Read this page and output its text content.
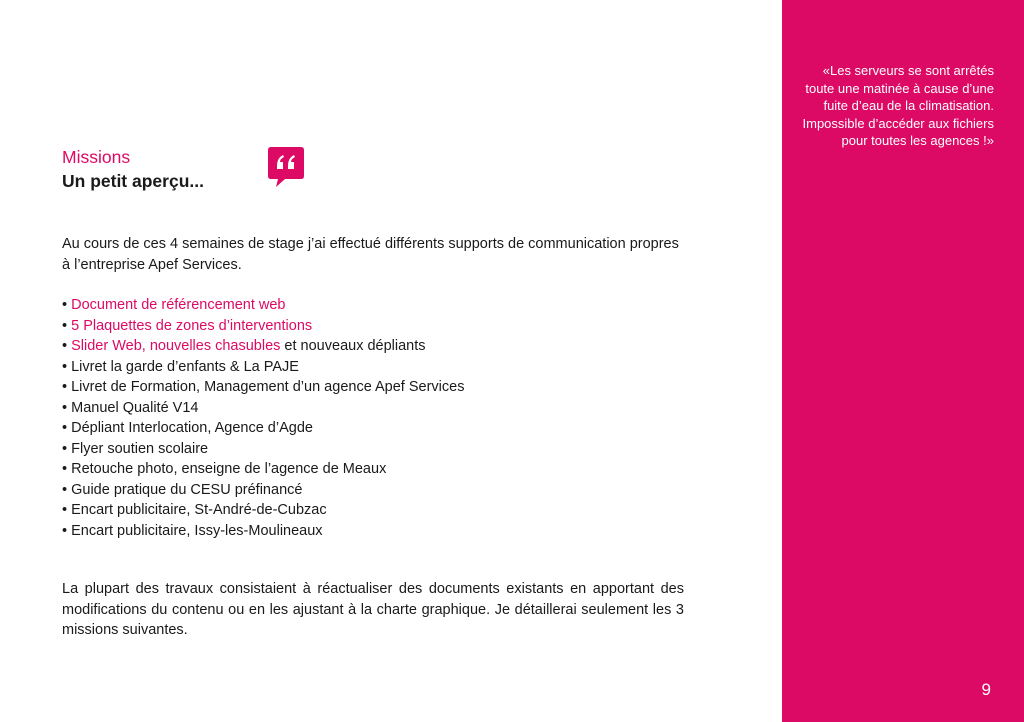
«Les serveurs se sont arrêtés toute une matinée à cause d’une fuite d’eau de la climatisation. Impossible d’accéder aux fichiers pour toutes les agences !»
9
Missions
Un petit aperçu...

Au cours de ces 4 semaines de stage j’ai effectué différents supports de communication propres à l’entreprise Apef Services.

• Document de référencement web
• 5 Plaquettes de zones d’interventions
• Slider Web, nouvelles chasubles et nouveaux dépliants
• Livret la garde d’enfants & La PAJE
• Livret de Formation, Management d’un agence Apef Services
• Manuel Qualité V14
• Dépliant Interlocation, Agence d’Agde
• Flyer soutien scolaire
• Retouche photo, enseigne de l’agence de Meaux
• Guide pratique du CESU préfinancé
• Encart publicitaire, St-André-de-Cubzac
• Encart publicitaire, Issy-les-Moulineaux

La plupart des travaux consistaient à réactualiser des documents existants en apportant des modifications du contenu ou en les ajustant à la charte graphique. Je détaillerai seulement les 3 missions suivantes.
